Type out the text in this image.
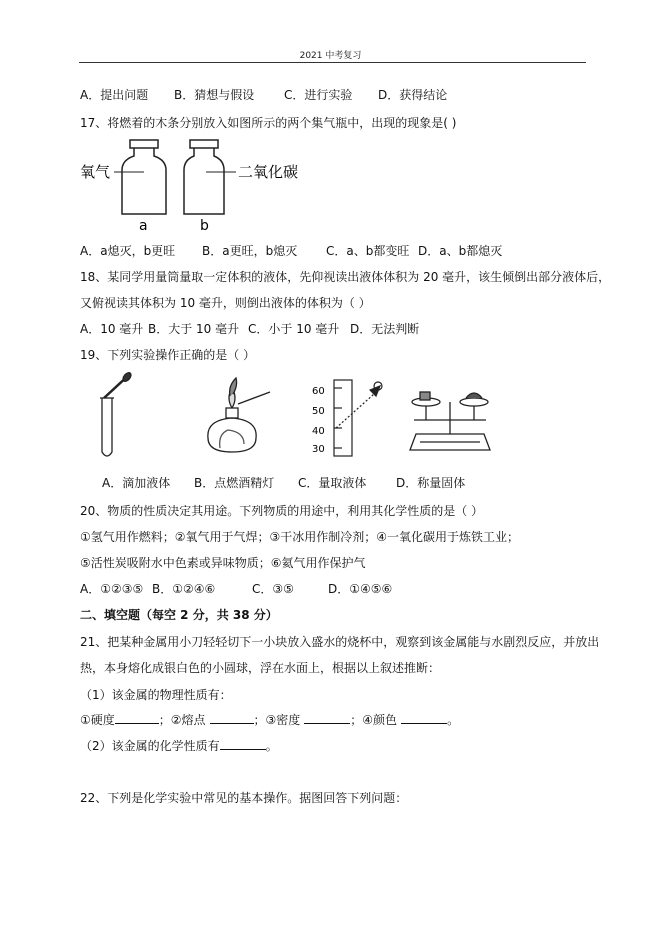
2021 中考复习
A．提出问题 B．猜想与假设 C．进行实验 D．获得结论
17、将燃着的木条分别放入如图所示的两个集气瓶中，出现的现象是( )
氧气	二氧化碳
a	b
A．a熄灭，b更旺 B．a更旺，b熄灭 C．a、b都变旺 D．a、b都熄灭
18、某同学用量筒量取一定体积的液体，先仰视读出液体体积为 20 毫升，该生倾倒出部分液体后，
又俯视读其体积为 10 毫升，则倒出液体的体积为（ ）
A．10 毫升 B．大于 10 毫升 C．小于 10 毫升 D．无法判断
19、下列实验操作正确的是（ ）
60
50
40
30
A．滴加液体 B．点燃酒精灯 C．量取液体 D．称量固体
20、物质的性质决定其用途。下列物质的用途中，利用其化学性质的是（ ）
①氢气用作燃料；②氧气用于气焊；③干冰用作制冷剂；④一氧化碳用于炼铁工业；
⑤活性炭吸附水中色素或异味物质；⑥氦气用作保护气
A．①②③⑤ B．①②④⑥	C．③⑤	D．①④⑤⑥
二、填空题（每空 2 分，共 38 分）
21、把某种金属用小刀轻轻切下一小块放入盛水的烧杯中，观察到该金属能与水剧烈反应，并放出
热，本身熔化成银白色的小圆球，浮在水面上，根据以上叙述推断：
（1）该金属的物理性质有：
①硬度	；②熔点	；③密度	；④颜色	。
（2）该金属的化学性质有	。
22、下列是化学实验中常见的基本操作。据图回答下列问题：
